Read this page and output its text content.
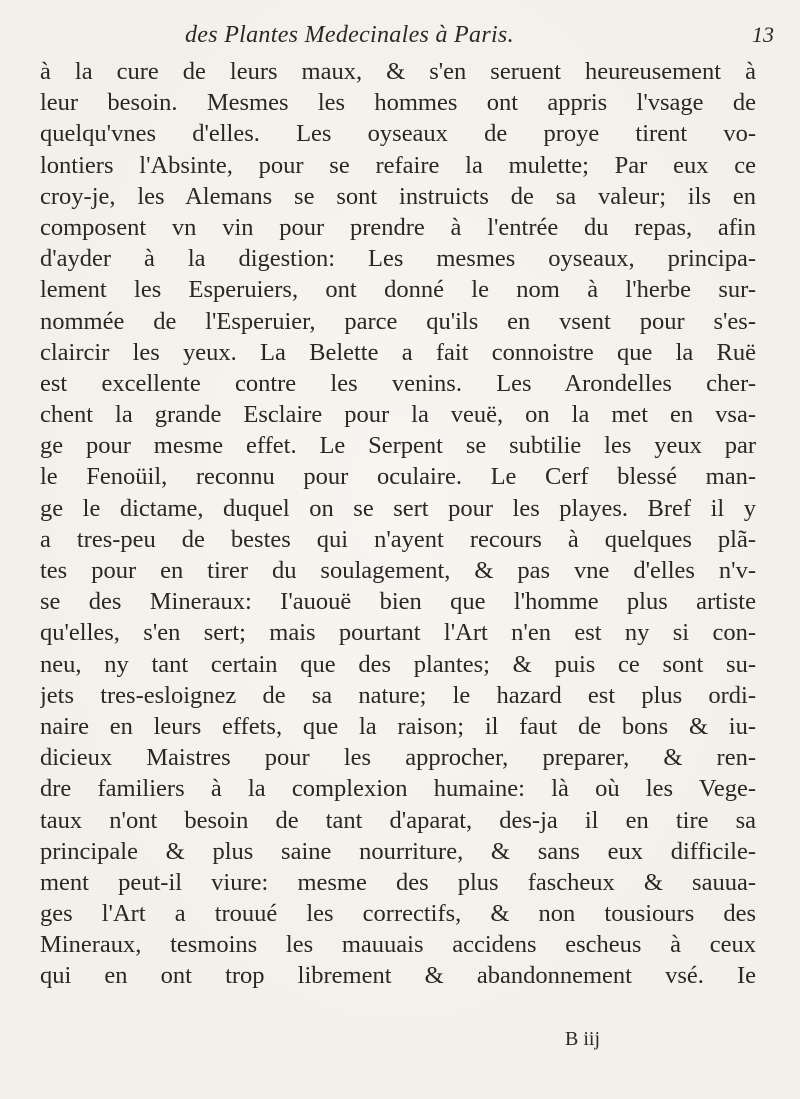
des Plantes Medecinales à Paris.	13
à la cure de leurs maux, & s'en seruent heureusement à
leur besoin. Mesmes les hommes ont appris l'vsage de
quelqu'vnes d'elles. Les oyseaux de proye tirent vo-
lontiers l'Absinte, pour se refaire la mulette; Par eux ce
croy-je, les Alemans se sont instruicts de sa valeur; ils en
composent vn vin pour prendre à l'entrée du repas, afin
d'ayder à la digestion: Les mesmes oyseaux, principa-
lement les Esperuiers, ont donné le nom à l'herbe sur-
nommée de l'Esperuier, parce qu'ils en vsent pour s'es-
claircir les yeux. La Belette a fait connoistre que la Ruë
est excellente contre les venins. Les Arondelles cher-
chent la grande Esclaire pour la veuë, on la met en vsa-
ge pour mesme effet. Le Serpent se subtilie les yeux par
le Fenoüil, reconnu pour oculaire. Le Cerf blessé man-
ge le dictame, duquel on se sert pour les playes. Bref il y
a tres-peu de bestes qui n'ayent recours à quelques plã-
tes pour en tirer du soulagement, & pas vne d'elles n'v-
se des Mineraux: I'auouë bien que l'homme plus artiste
qu'elles, s'en sert; mais pourtant l'Art n'en est ny si con-
neu, ny tant certain que des plantes; & puis ce sont su-
jets tres-esloignez de sa nature; le hazard est plus ordi-
naire en leurs effets, que la raison; il faut de bons & iu-
dicieux Maistres pour les approcher, preparer, & ren-
dre familiers à la complexion humaine: là où les Vege-
taux n'ont besoin de tant d'aparat, des-ja il en tire sa
principale & plus saine nourriture, & sans eux difficile-
ment peut-il viure: mesme des plus fascheux & sauua-
ges l'Art a trouué les correctifs, & non tousiours des
Mineraux, tesmoins les mauuais accidens escheus à ceux
qui en ont trop librement & abandonnement vsé. Ie
B iij
